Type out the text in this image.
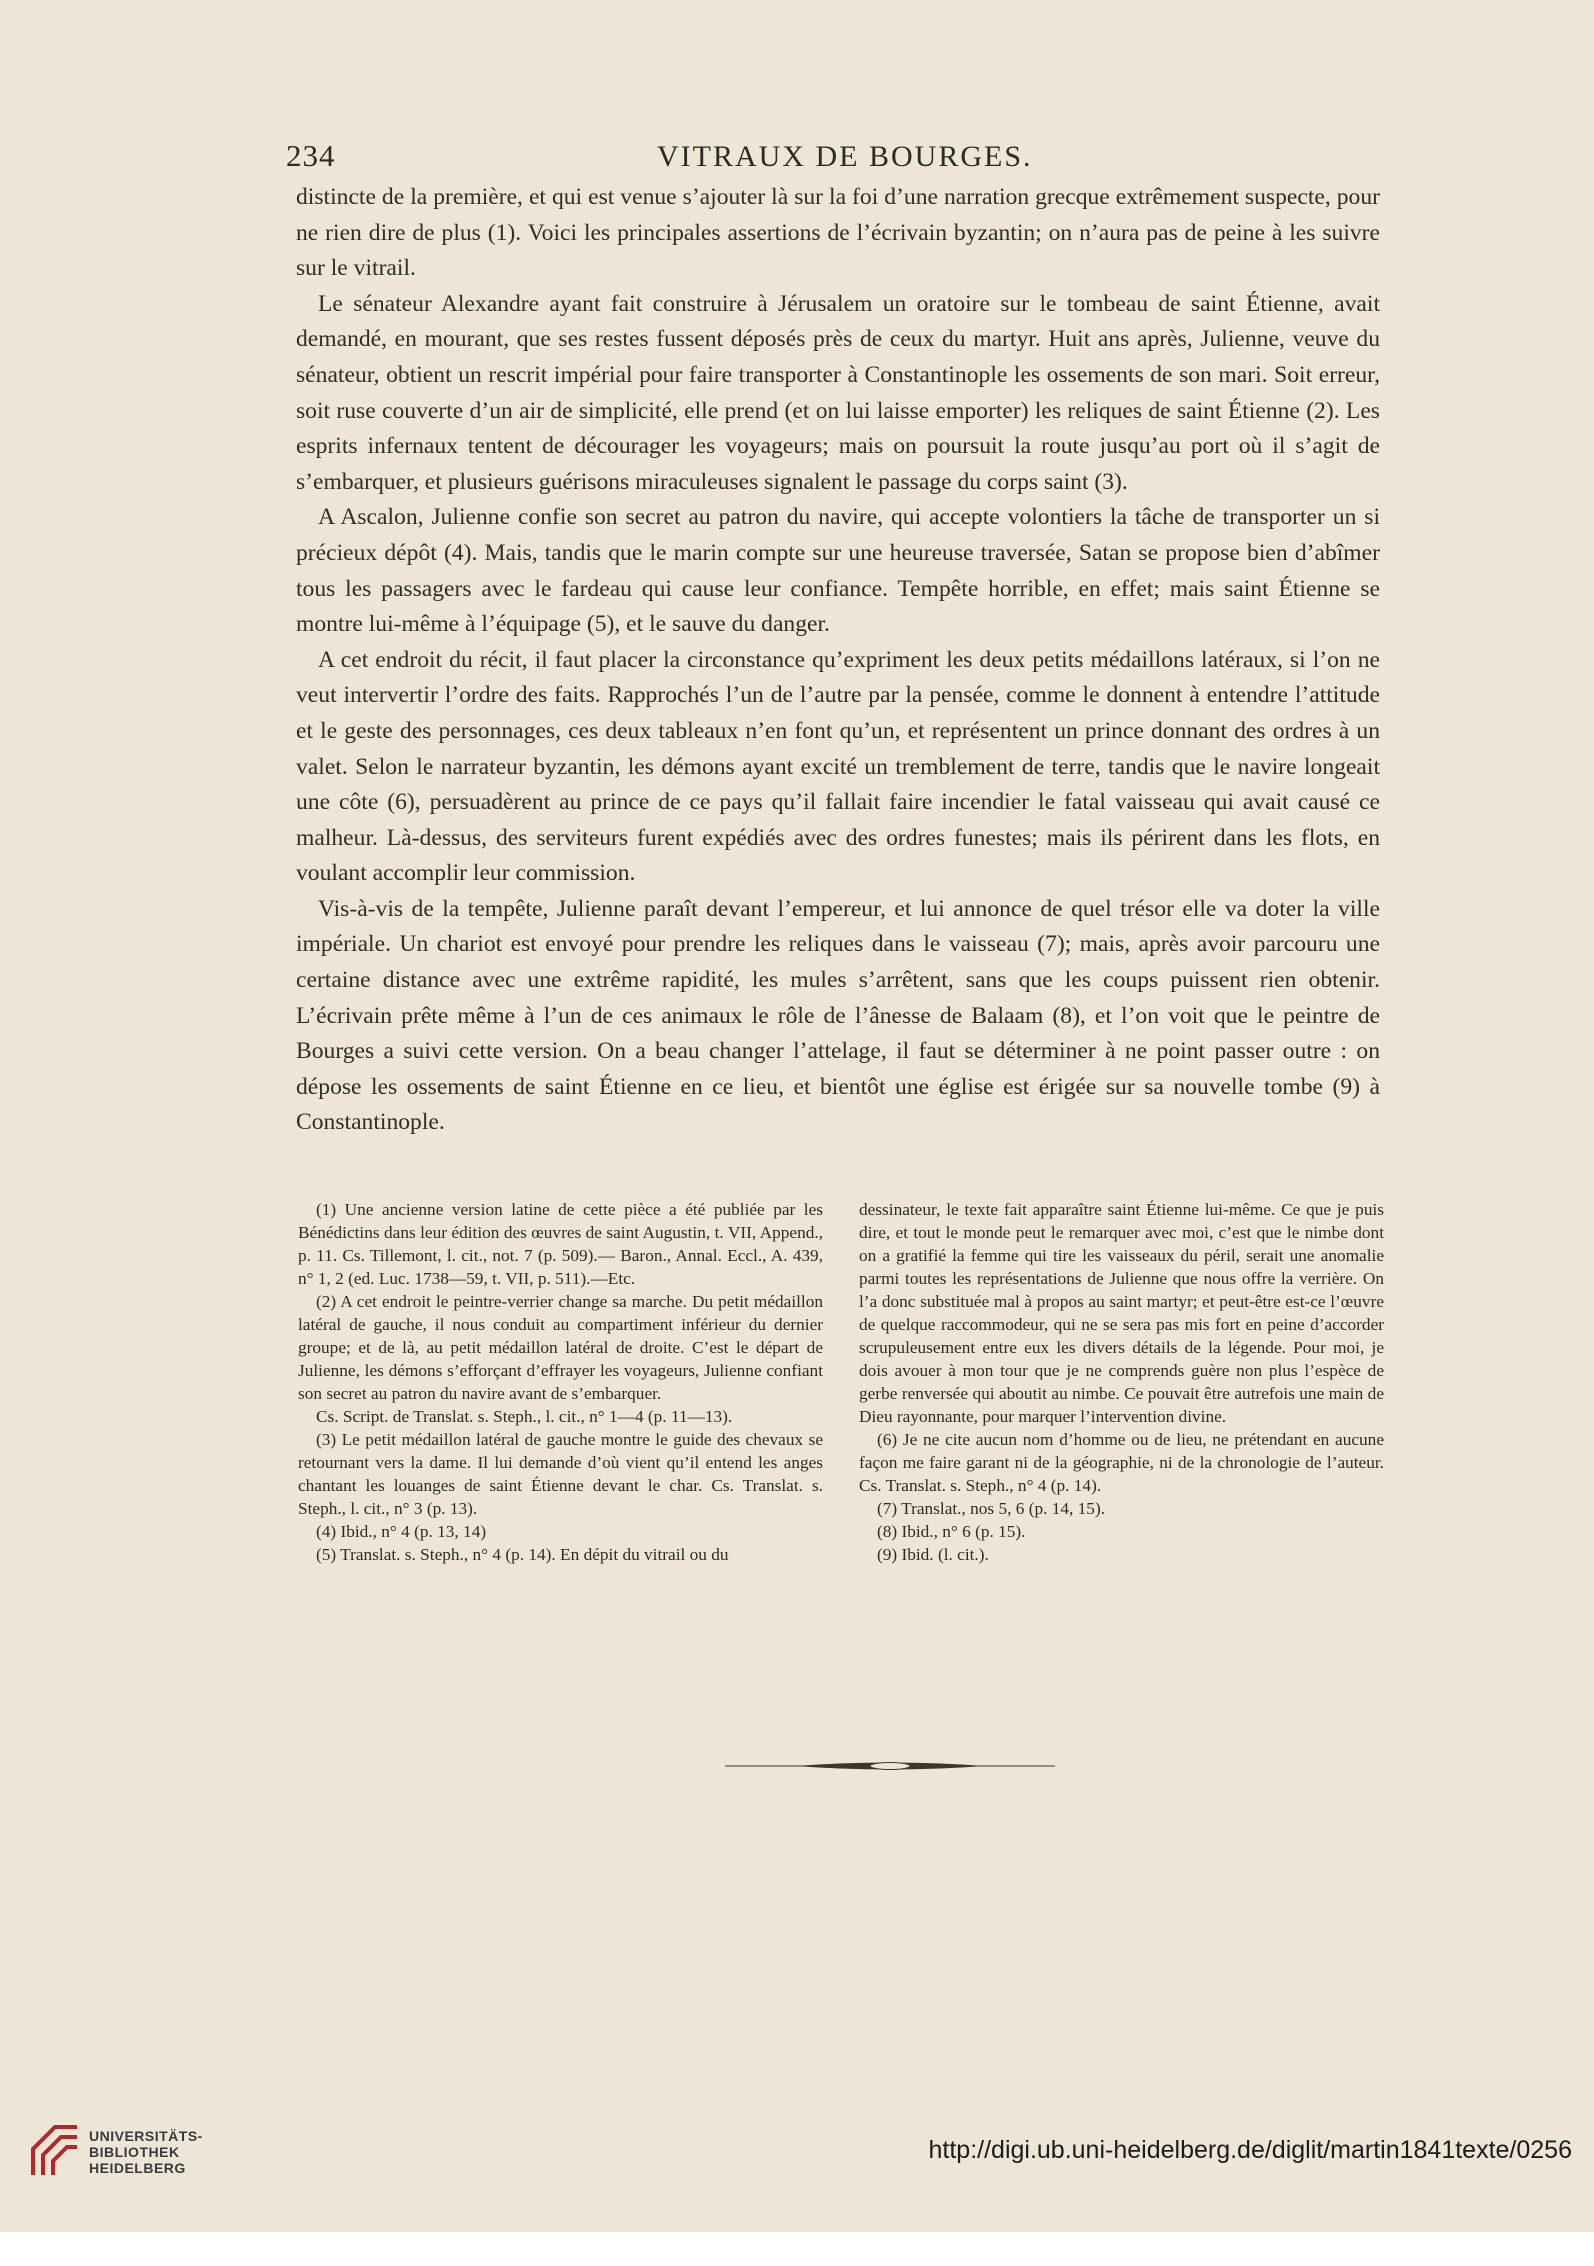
234	VITRAUX DE BOURGES.

distincte de la première, et qui est venue s’ajouter là sur la foi d’une narration grecque extrêmement suspecte, pour ne rien dire de plus (1). Voici les principales assertions de l’écrivain byzantin; on n’aura pas de peine à les suivre sur le vitrail.

Le sénateur Alexandre ayant fait construire à Jérusalem un oratoire sur le tombeau de saint Étienne, avait demandé, en mourant, que ses restes fussent déposés près de ceux du martyr. Huit ans après, Julienne, veuve du sénateur, obtient un rescrit impérial pour faire transporter à Constantinople les ossements de son mari. Soit erreur, soit ruse couverte d’un air de simplicité, elle prend (et on lui laisse emporter) les reliques de saint Étienne (2). Les esprits infernaux tentent de décourager les voyageurs; mais on poursuit la route jusqu’au port où il s’agit de s’embarquer, et plusieurs guérisons miraculeuses signalent le passage du corps saint (3).

A Ascalon, Julienne confie son secret au patron du navire, qui accepte volontiers la tâche de transporter un si précieux dépôt (4). Mais, tandis que le marin compte sur une heureuse traversée, Satan se propose bien d’abîmer tous les passagers avec le fardeau qui cause leur confiance. Tempête horrible, en effet; mais saint Étienne se montre lui-même à l’équipage (5), et le sauve du danger.

A cet endroit du récit, il faut placer la circonstance qu’expriment les deux petits médaillons latéraux, si l’on ne veut intervertir l’ordre des faits. Rapprochés l’un de l’autre par la pensée, comme le donnent à entendre l’attitude et le geste des personnages, ces deux tableaux n’en font qu’un, et représentent un prince donnant des ordres à un valet. Selon le narrateur byzantin, les démons ayant excité un tremblement de terre, tandis que le navire longeait une côte (6), persuadèrent au prince de ce pays qu’il fallait faire incendier le fatal vaisseau qui avait causé ce malheur. Là-dessus, des serviteurs furent expédiés avec des ordres funestes; mais ils périrent dans les flots, en voulant accomplir leur commission.

Vis-à-vis de la tempête, Julienne paraît devant l’empereur, et lui annonce de quel trésor elle va doter la ville impériale. Un chariot est envoyé pour prendre les reliques dans le vaisseau (7); mais, après avoir parcouru une certaine distance avec une extrême rapidité, les mules s’arrêtent, sans que les coups puissent rien obtenir. L’écrivain prête même à l’un de ces animaux le rôle de l’ânesse de Balaam (8), et l’on voit que le peintre de Bourges a suivi cette version. On a beau changer l’attelage, il faut se déterminer à ne point passer outre : on dépose les ossements de saint Étienne en ce lieu, et bientôt une église est érigée sur sa nouvelle tombe (9) à Constantinople.

(1) Une ancienne version latine de cette pièce a été publiée par les Bénédictins dans leur édition des œuvres de saint Augustin, t. VII, Append., p. 11. Cs. Tillemont, l. cit., not. 7 (p. 509).— Baron., Annal. Eccl., A. 439, n° 1, 2 (ed. Luc. 1738—59, t. VII, p. 511).—Etc.

(2) A cet endroit le peintre-verrier change sa marche. Du petit médaillon latéral de gauche, il nous conduit au compartiment inférieur du dernier groupe; et de là, au petit médaillon latéral de droite. C’est le départ de Julienne, les démons s’efforçant d’effrayer les voyageurs, Julienne confiant son secret au patron du navire avant de s’embarquer.

Cs. Script. de Translat. s. Steph., l. cit., n° 1—4 (p. 11—13).

(3) Le petit médaillon latéral de gauche montre le guide des chevaux se retournant vers la dame. Il lui demande d’où vient qu’il entend les anges chantant les louanges de saint Étienne devant le char. Cs. Translat. s. Steph., l. cit., n° 3 (p. 13).

(4) Ibid., n° 4 (p. 13, 14)

(5) Translat. s. Steph., n° 4 (p. 14). En dépit du vitrail ou du

dessinateur, le texte fait apparaître saint Étienne lui-même. Ce que je puis dire, et tout le monde peut le remarquer avec moi, c’est que le nimbe dont on a gratifié la femme qui tire les vaisseaux du péril, serait une anomalie parmi toutes les représentations de Julienne que nous offre la verrière. On l’a donc substituée mal à propos au saint martyr; et peut-être est-ce l’œuvre de quelque raccommodeur, qui ne se sera pas mis fort en peine d’accorder scrupuleusement entre eux les divers détails de la légende. Pour moi, je dois avouer à mon tour que je ne comprends guère non plus l’espèce de gerbe renversée qui aboutit au nimbe. Ce pouvait être autrefois une main de Dieu rayonnante, pour marquer l’intervention divine.

(6) Je ne cite aucun nom d’homme ou de lieu, ne prétendant en aucune façon me faire garant ni de la géographie, ni de la chronologie de l’auteur. Cs. Translat. s. Steph., n° 4 (p. 14).

(7) Translat., nos 5, 6 (p. 14, 15).

(8) Ibid., n° 6 (p. 15).

(9) Ibid. (l. cit.).

UNIVERSITÄTS-
BIBLIOTHEK
HEIDELBERG
http://digi.ub.uni-heidelberg.de/diglit/martin1841texte/0256
